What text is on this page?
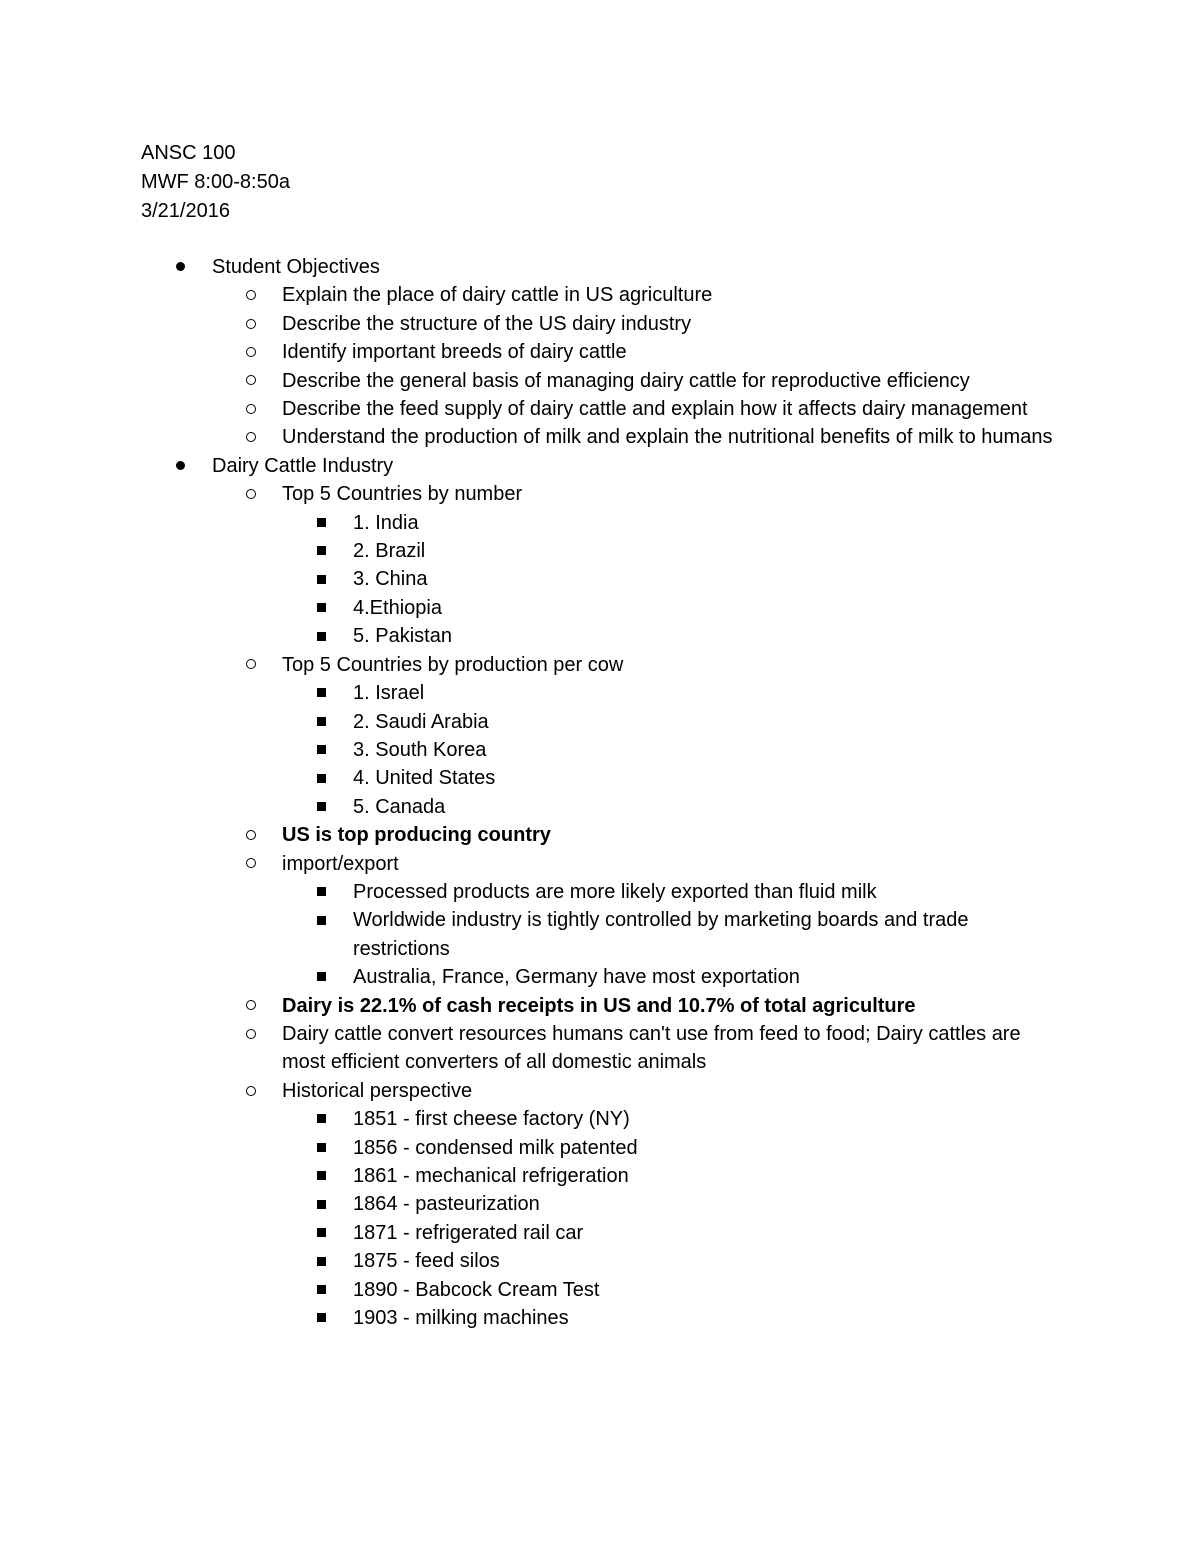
ANSC 100
MWF 8:00-8:50a
3/21/2016
Student Objectives
Explain the place of dairy cattle in US agriculture
Describe the structure of the US dairy industry
Identify important breeds of dairy cattle
Describe the general basis of managing dairy cattle for reproductive efficiency
Describe the feed supply of dairy cattle and explain how it affects dairy management
Understand the production of milk and explain the nutritional benefits of milk to humans
Dairy Cattle Industry
Top 5 Countries by number
1. India
2. Brazil
3. China
4.Ethiopia
5. Pakistan
Top 5 Countries by production per cow
1. Israel
2. Saudi Arabia
3. South Korea
4. United States
5. Canada
US is top producing country
import/export
Processed products are more likely exported than fluid milk
Worldwide industry is tightly controlled by marketing boards and trade restrictions
Australia, France, Germany have most exportation
Dairy is 22.1% of cash receipts in US and 10.7% of total agriculture
Dairy cattle convert resources humans can't use from feed to food; Dairy cattles are most efficient converters of all domestic animals
Historical perspective
1851 - first cheese factory (NY)
1856 - condensed milk patented
1861 - mechanical refrigeration
1864 - pasteurization
1871 - refrigerated rail car
1875 - feed silos
1890 - Babcock Cream Test
1903 - milking machines
